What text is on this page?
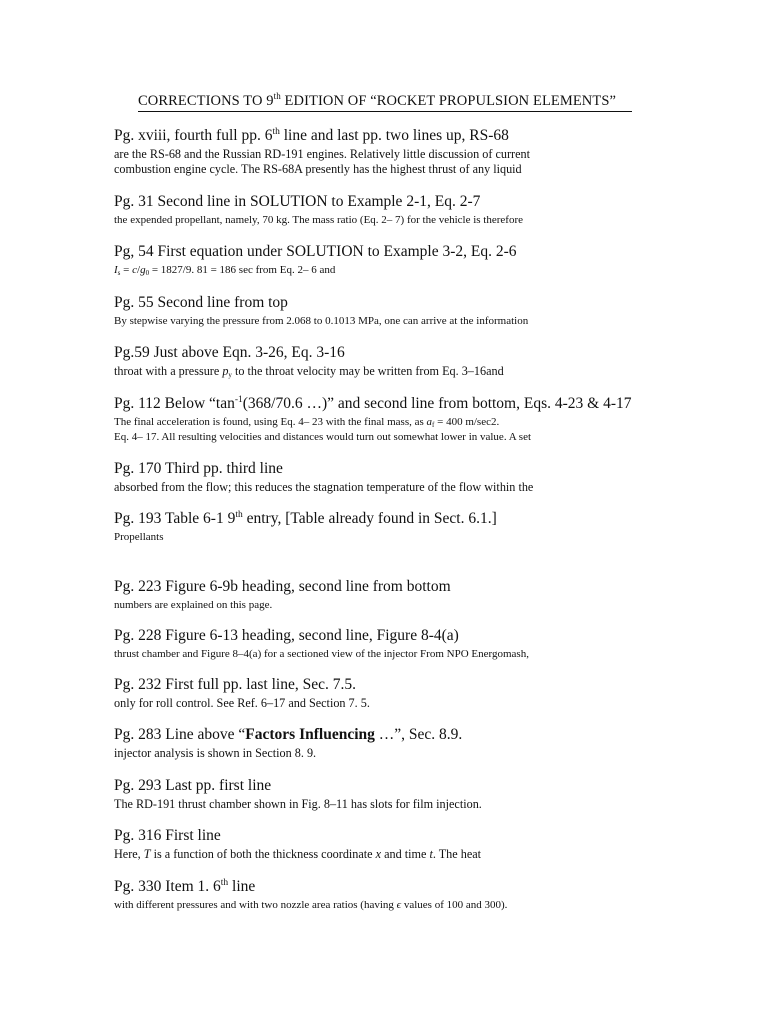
CORRECTIONS TO 9th EDITION OF “ROCKET PROPULSION ELEMENTS”
Pg. xviii, fourth full pp. 6th line and last pp. two lines up, RS-68
are the RS-68 and the Russian RD-191 engines. Relatively little discussion of current
combustion engine cycle. The RS-68A presently has the highest thrust of any liquid
Pg. 31 Second line in SOLUTION to Example 2-1, Eq. 2-7
the expended propellant, namely, 70 kg. The mass ratio (Eq. 2– 7) for the vehicle is therefore
Pg, 54 First equation under SOLUTION to Example 3-2, Eq. 2-6
$I_s = c/g_0 = 1827/9$. 81 = 186 sec from Eq. 2– 6 and
Pg. 55 Second line from top
By stepwise varying the pressure from 2.068 to 0.1013 MPa, one can arrive at the information
Pg.59 Just above Eqn. 3-26, Eq. 3-16
throat with a pressure $p_y$ to the throat velocity may be written from Eq. 3–16and
Pg. 112 Below “$\tan^{-1}(368/70.6$ …)” and second line from bottom, Eqs. 4-23 & 4-17
The final acceleration is found, using Eq. 4– 23 with the final mass, as $a_f = 400$ m/sec2.
Eq. 4– 17. All resulting velocities and distances would turn out somewhat lower in value. A set
Pg. 170 Third pp. third line
absorbed from the flow; this reduces the stagnation temperature of the flow within the
Pg. 193 Table 6-1 9th entry, [Table already found in Sect. 6.1.]
Propellants
Pg. 223 Figure 6-9b heading, second line from bottom
numbers are explained on this page.
Pg. 228 Figure 6-13 heading, second line, Figure 8-4(a)
thrust chamber and Figure 8–4(a) for a sectioned view of the injector From NPO Energomash,
Pg. 232 First full pp. last line, Sec. 7.5.
only for roll control. See Ref. 6–17 and Section 7. 5.
Pg. 283 Line above “Factors Influencing …”, Sec. 8.9.
injector analysis is shown in Section 8. 9.
Pg. 293 Last pp. first line
The RD-191 thrust chamber shown in Fig. 8–11 has slots for film injection.
Pg. 316 First line
Here, T is a function of both the thickness coordinate x and time t. The heat
Pg. 330 Item 1. 6th line
with different pressures and with two nozzle area ratios (having ϵ values of 100 and 300).
